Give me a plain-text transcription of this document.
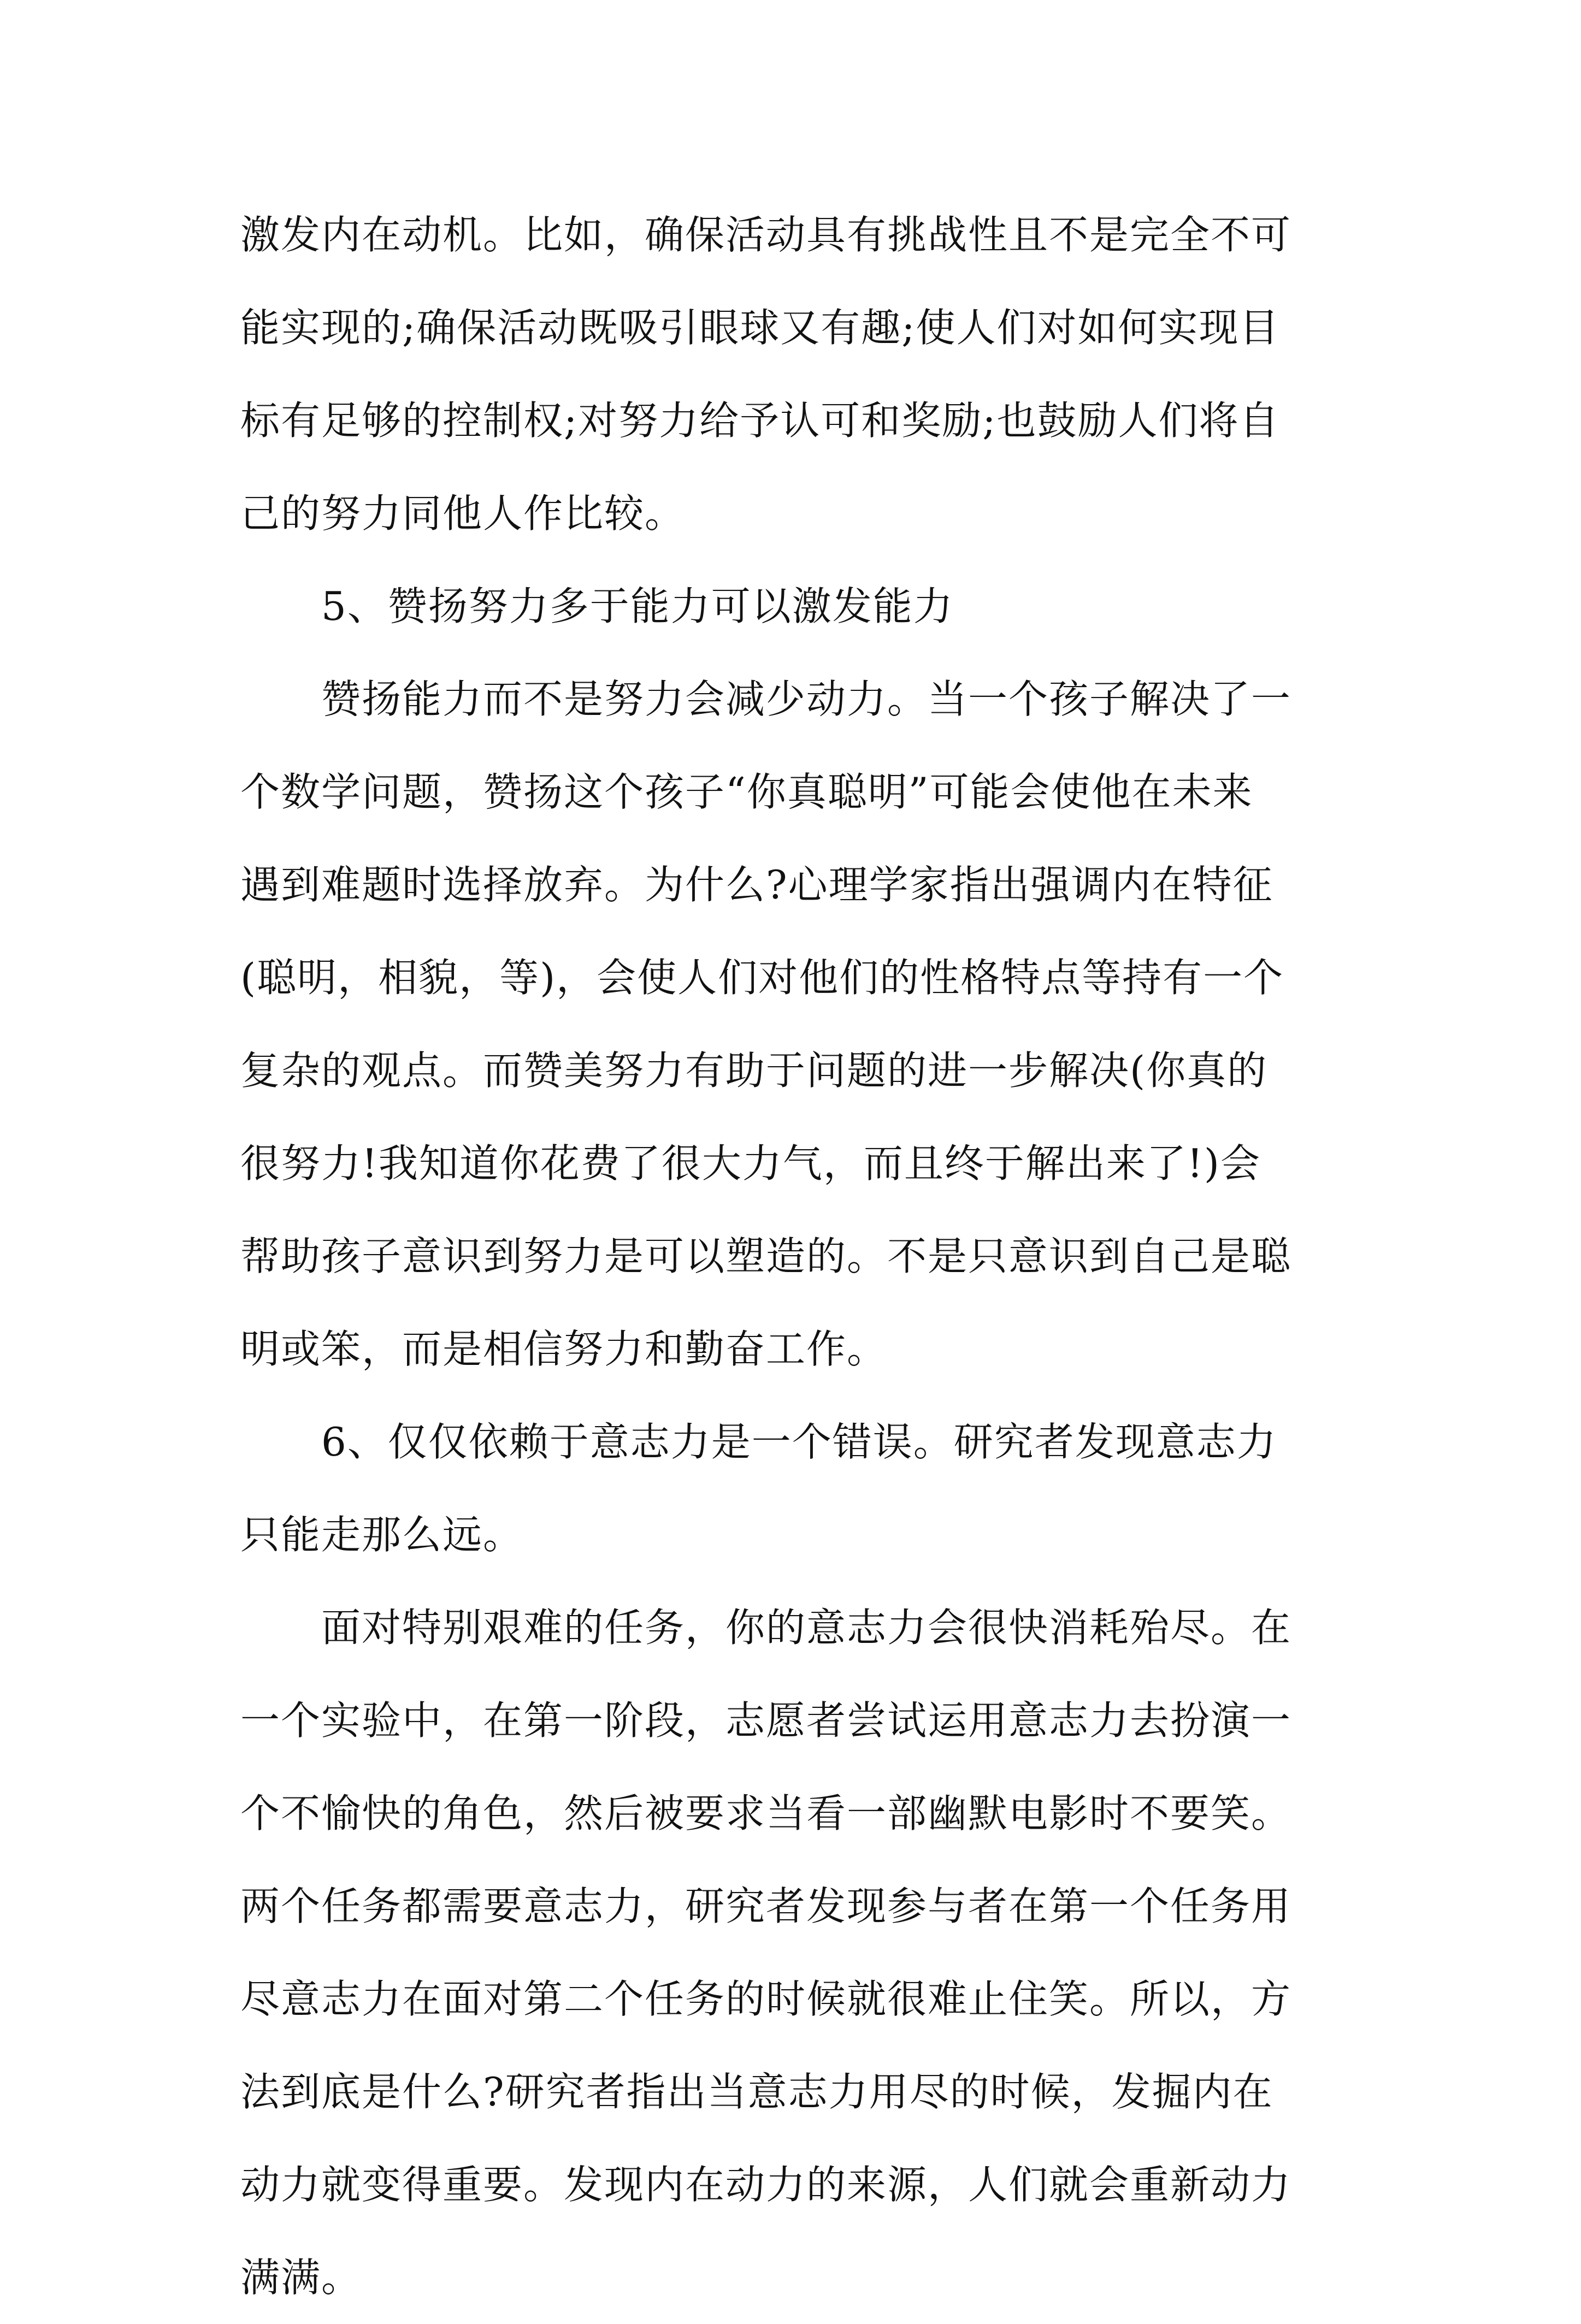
激发内在动机。比如，确保活动具有挑战性且不是完全不可
能实现的;确保活动既吸引眼球又有趣;使人们对如何实现目
标有足够的控制权;对努力给予认可和奖励;也鼓励人们将自
己的努力同他人作比较。
5、赞扬努力多于能力可以激发能力
赞扬能力而不是努力会减少动力。当一个孩子解决了一
个数学问题，赞扬这个孩子“你真聪明”可能会使他在未来
遇到难题时选择放弃。为什么?心理学家指出强调内在特征
(聪明，相貌，等)，会使人们对他们的性格特点等持有一个
复杂的观点。而赞美努力有助于问题的进一步解决(你真的
很努力!我知道你花费了很大力气，而且终于解出来了!)会
帮助孩子意识到努力是可以塑造的。不是只意识到自己是聪
明或笨，而是相信努力和勤奋工作。
6、仅仅依赖于意志力是一个错误。研究者发现意志力
只能走那么远。
面对特别艰难的任务，你的意志力会很快消耗殆尽。在
一个实验中，在第一阶段，志愿者尝试运用意志力去扮演一
个不愉快的角色，然后被要求当看一部幽默电影时不要笑。
两个任务都需要意志力，研究者发现参与者在第一个任务用
尽意志力在面对第二个任务的时候就很难止住笑。所以，方
法到底是什么?研究者指出当意志力用尽的时候，发掘内在
动力就变得重要。发现内在动力的来源，人们就会重新动力
满满。
